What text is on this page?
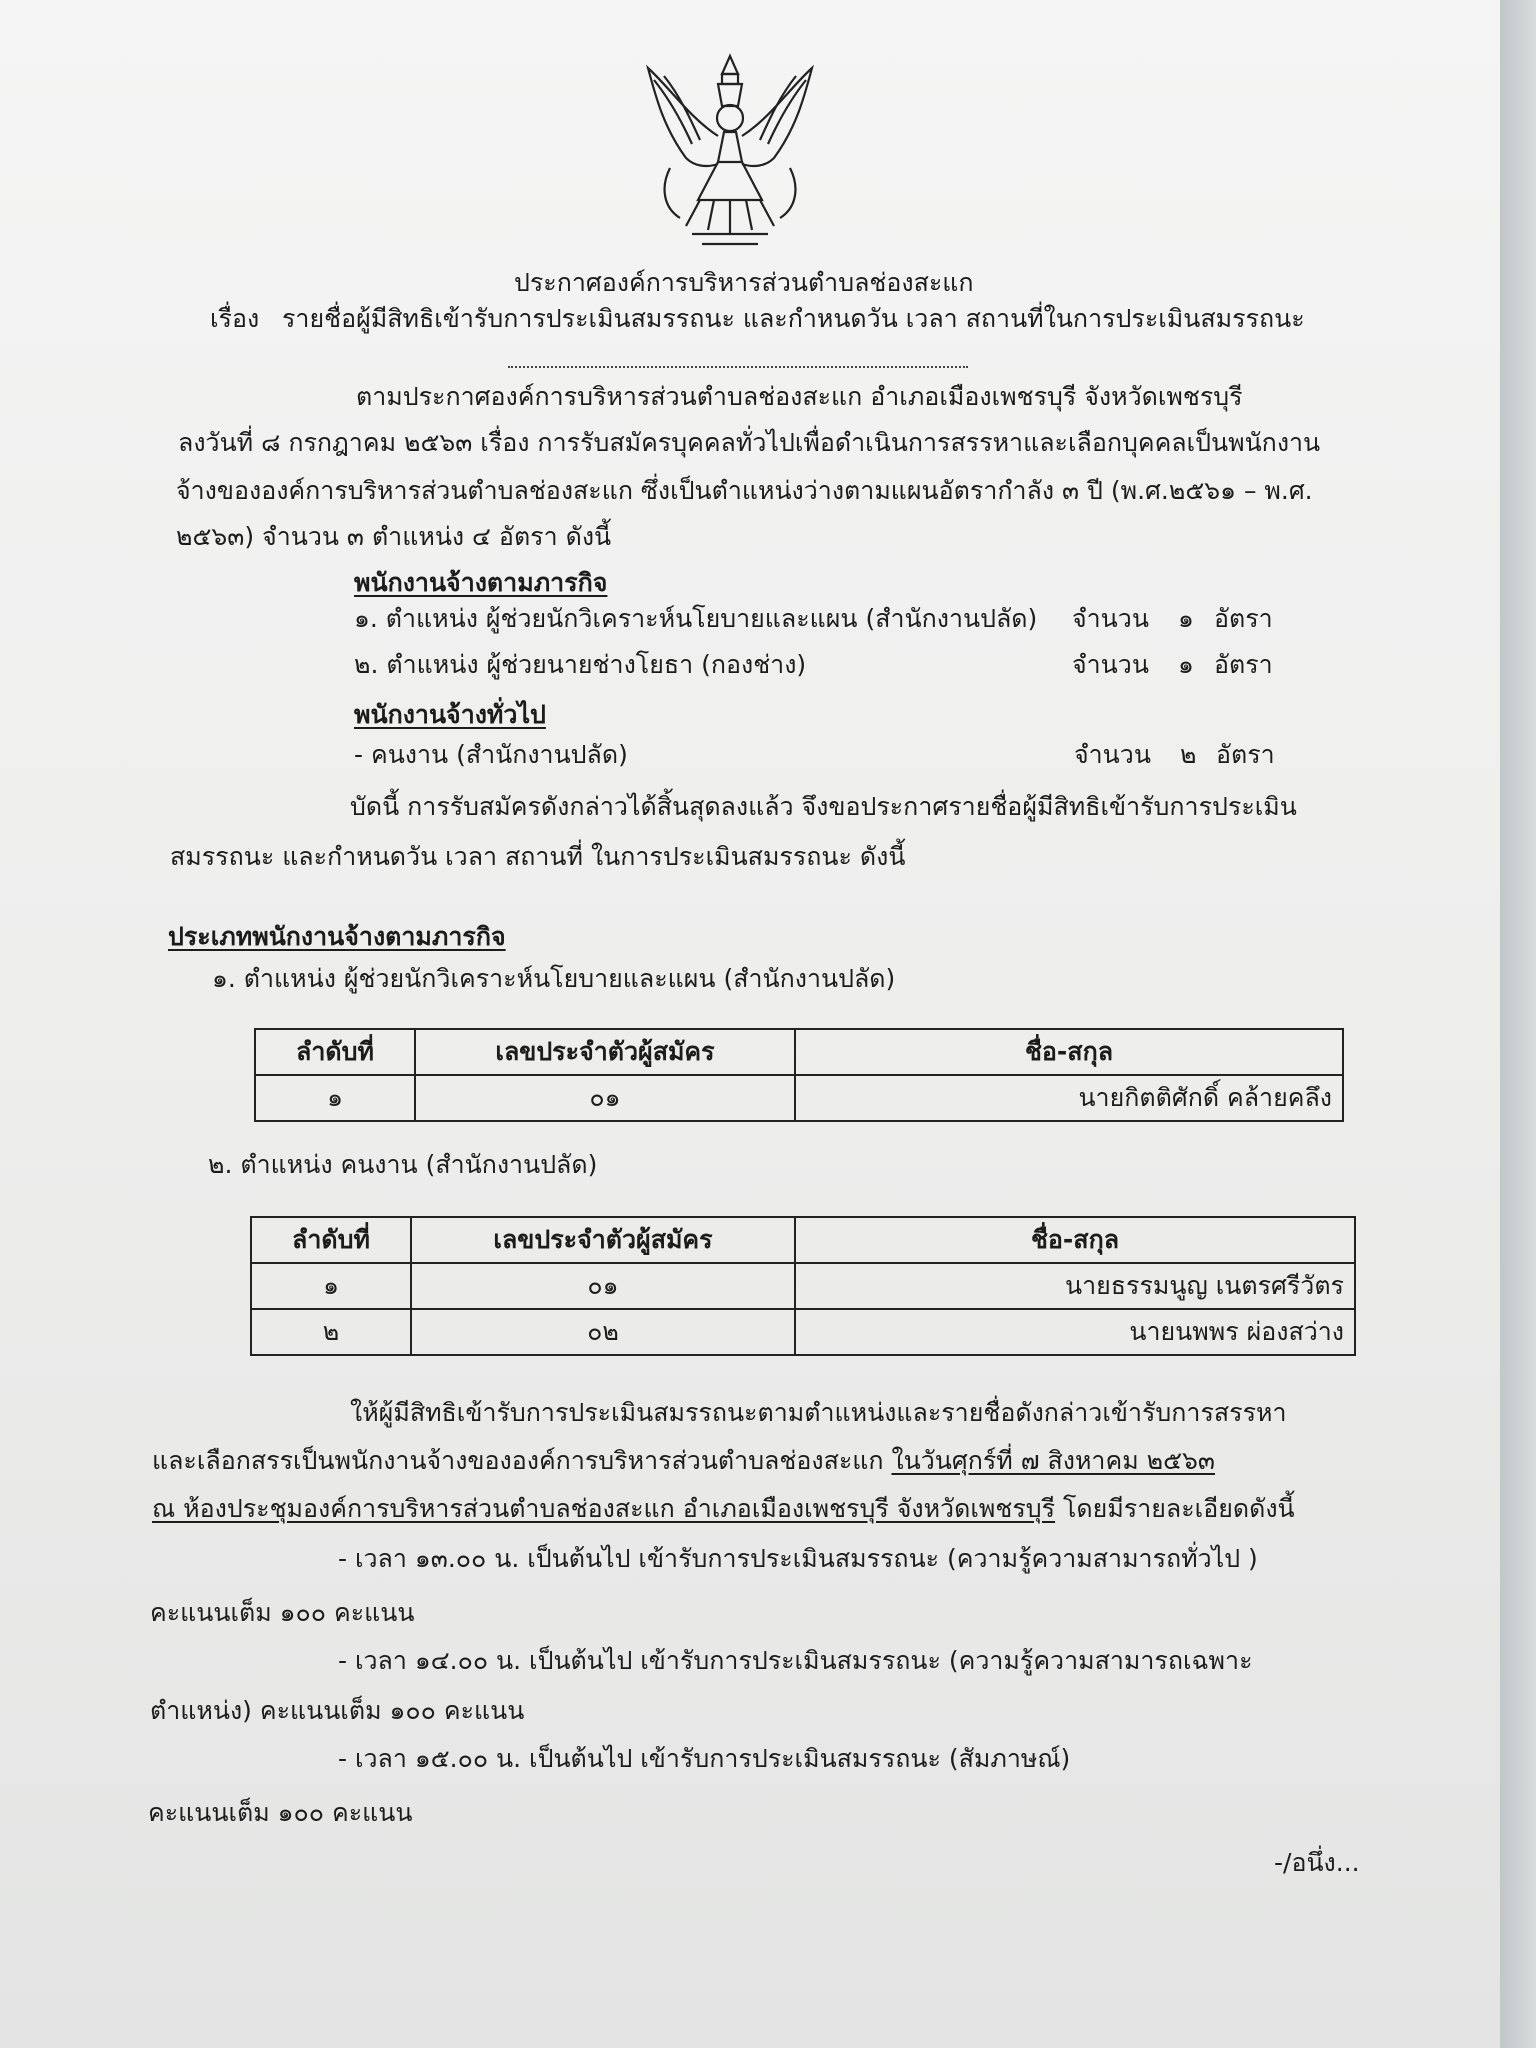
ประกาศองค์การบริหารส่วนตำบลช่องสะแก
เรื่อง รายชื่อผู้มีสิทธิเข้ารับการประเมินสมรรถนะ และกำหนดวัน เวลา สถานที่ในการประเมินสมรรถนะ
ตามประกาศองค์การบริหารส่วนตำบลช่องสะแก อำเภอเมืองเพชรบุรี จังหวัดเพชรบุรี
ลงวันที่ ๘ กรกฎาคม ๒๕๖๓ เรื่อง การรับสมัครบุคคลทั่วไปเพื่อดำเนินการสรรหาและเลือกบุคคลเป็นพนักงาน
จ้างขององค์การบริหารส่วนตำบลช่องสะแก ซึ่งเป็นตำแหน่งว่างตามแผนอัตรากำลัง ๓ ปี (พ.ศ.๒๕๖๑ – พ.ศ.
๒๕๖๓) จำนวน ๓ ตำแหน่ง ๔ อัตรา ดังนี้
พนักงานจ้างตามภารกิจ
๑. ตำแหน่ง ผู้ช่วยนักวิเคราะห์นโยบายและแผน (สำนักงานปลัด) จำนวน ๑ อัตรา
๒. ตำแหน่ง ผู้ช่วยนายช่างโยธา (กองช่าง)	จำนวน ๑ อัตรา
พนักงานจ้างทั่วไป
- คนงาน (สำนักงานปลัด)	จำนวน ๒ อัตรา
บัดนี้ การรับสมัครดังกล่าวได้สิ้นสุดลงแล้ว จึงขอประกาศรายชื่อผู้มีสิทธิเข้ารับการประเมิน
สมรรถนะ และกำหนดวัน เวลา สถานที่ ในการประเมินสมรรถนะ ดังนี้
ประเภทพนักงานจ้างตามภารกิจ
๑. ตำแหน่ง ผู้ช่วยนักวิเคราะห์นโยบายและแผน (สำนักงานปลัด)
ลำดับที่	เลขประจำตัวผู้สมัคร	ชื่อ-สกุล
๑	๐๑	นายกิตติศักดิ์ คล้ายคลึง
๒. ตำแหน่ง คนงาน (สำนักงานปลัด)
ลำดับที่	เลขประจำตัวผู้สมัคร	ชื่อ-สกุล
๑	๐๑	นายธรรมนูญ เนตรศรีวัตร
๒	๐๒	นายนพพร ผ่องสว่าง
ให้ผู้มีสิทธิเข้ารับการประเมินสมรรถนะตามตำแหน่งและรายชื่อดังกล่าวเข้ารับการสรรหา
และเลือกสรรเป็นพนักงานจ้างขององค์การบริหารส่วนตำบลช่องสะแก ในวันศุกร์ที่ ๗ สิงหาคม ๒๕๖๓
ณ ห้องประชุมองค์การบริหารส่วนตำบลช่องสะแก อำเภอเมืองเพชรบุรี จังหวัดเพชรบุรี โดยมีรายละเอียดดังนี้
- เวลา ๑๓.๐๐ น. เป็นต้นไป เข้ารับการประเมินสมรรถนะ (ความรู้ความสามารถทั่วไป )
คะแนนเต็ม ๑๐๐ คะแนน
- เวลา ๑๔.๐๐ น. เป็นต้นไป เข้ารับการประเมินสมรรถนะ (ความรู้ความสามารถเฉพาะ
ตำแหน่ง) คะแนนเต็ม ๑๐๐ คะแนน
- เวลา ๑๕.๐๐ น. เป็นต้นไป เข้ารับการประเมินสมรรถนะ (สัมภาษณ์)
คะแนนเต็ม ๑๐๐ คะแนน
-/อนึ่ง...
